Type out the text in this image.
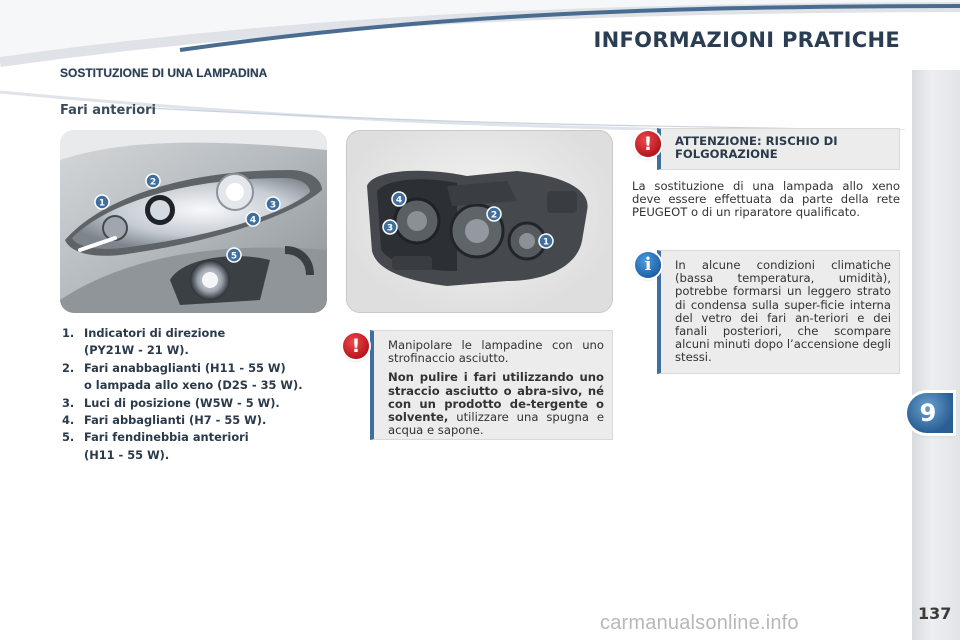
INFORMAZIONI PRATICHE
SOSTITUZIONE DI UNA LAMPADINA
Fari anteriori
1
2
3
4
5
4
3
2
1
1. Indicatori di direzione
(PY21W - 21 W).
2. Fari anabbaglianti (H11 - 55 W)
o lampada allo xeno (D2S - 35 W).
3. Luci di posizione (W5W - 5 W).
4. Fari abbaglianti (H7 - 55 W).
5. Fari fendinebbia anteriori
(H11 - 55 W).

Manipolare le lampadine con uno strofinaccio asciutto.

Non pulire i fari utilizzando uno straccio asciutto o abra-sivo, né con un prodotto de-tergente o solvente, utilizzare una spugna e acqua e sapone.

!
ATTENZIONE: RISCHIO DI
FOLGORAZIONE
!
La sostituzione di una lampada allo xeno deve essere effettuata da parte della rete PEUGEOT o di un riparatore qualificato.

In alcune condizioni climatiche (bassa temperatura, umidità), potrebbe formarsi un leggero strato di condensa sulla super-ficie interna del vetro dei fari an-teriori e dei fanali posteriori, che scompare alcuni minuti dopo l’accensione degli stessi.

i
9
137
carmanualsonline.info
